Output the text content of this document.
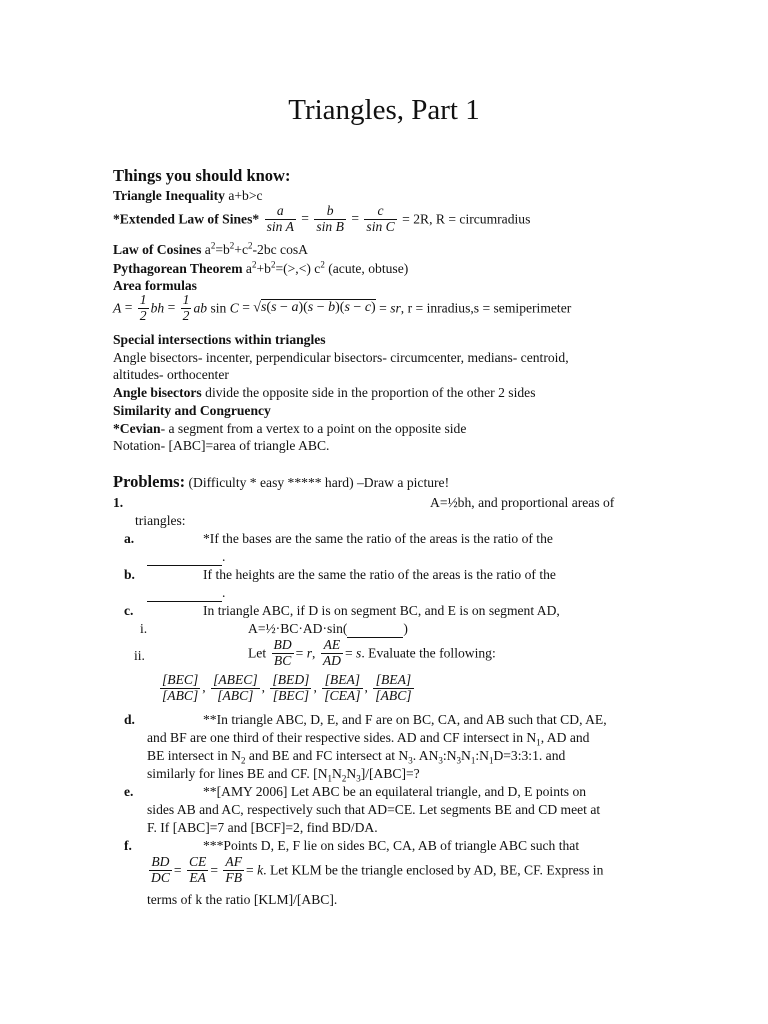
Triangles, Part 1
Things you should know:
Triangle Inequality a+b>c
*Extended Law of Sines* $\frac{a}{\text{sin A}} = \frac{b}{\text{sin B}} = \frac{c}{\text{sin C}} = 2R$, R = circumradius
Law of Cosines $a^2=b^2+c^2-2bc$ cosA
Pythagorean Theorem $a^2+b^2=(>,<)$ $c^2$ (acute, obtuse)
Area formulas
$A = \frac{1}{2}$ bh = $\frac{1}{2}$ ab sin C = √s(s − a)(s − b)(s − c) = sr, r = inradius,s = semiperimeter
Special intersections within triangles
Angle bisectors- incenter, perpendicular bisectors- circumcenter, medians- centroid,
altitudes- orthocenter
Angle bisectors divide the opposite side in the proportion of the other 2 sides
Similarity and Congruency
*Cevian- a segment from a vertex to a point on the opposite side
Notation- [ABC]=area of triangle ABC.
Problems: (Difficulty * easy ***** hard) –Draw a picture!
1.	A=½bh, and proportional areas of
triangles:
a.	*If the bases are the same the ratio of the areas is the ratio of the
.
b.	If the heights are the same the ratio of the areas is the ratio of the
.
c.	In triangle ABC, if D is on segment BC, and E is on segment AD,
i.	A=½·BC·AD·sin(	)
ii.	Let $\frac{BD}{BC} = r$, $\frac{AE}{AD} = s$. Evaluate the following:
$\frac{\text{[BEC]}}{\text{[ABC]}}$ , $\frac{\text{[ABEC]}}{\text{[ABC]}}$ , $\frac{\text{[BED]}}{\text{[BEC]}}$ , $\frac{\text{[BEA]}}{\text{[CEA]}}$ , $\frac{\text{[BEA]}}{\text{[ABC]}}$
d.	**In triangle ABC, D, E, and F are on BC, CA, and AB such that CD, AE,
and BF are one third of their respective sides. AD and CF intersect in $N_1$, AD and
BE intersect in $N_2$ and BE and FC intersect at $N_3$. $AN_3:N_3N_1:N_1D=3:3:1$. and
similarly for lines BE and CF. $[N_1N_2N_3]/[ABC]=$?
e.	**[AMY 2006] Let ABC be an equilateral triangle, and D, E points on
sides AB and AC, respectively such that AD=CE. Let segments BE and CD meet at
F. If [ABC]=7 and [BCF]=2, find BD/DA.
f.	***Points D, E, F lie on sides BC, CA, AB of triangle ABC such that
$\frac{BD}{DC} = \frac{CE}{EA} = \frac{AF}{FB} = k$. Let KLM be the triangle enclosed by AD, BE, CF. Express in
terms of k the ratio [KLM]/[ABC].
